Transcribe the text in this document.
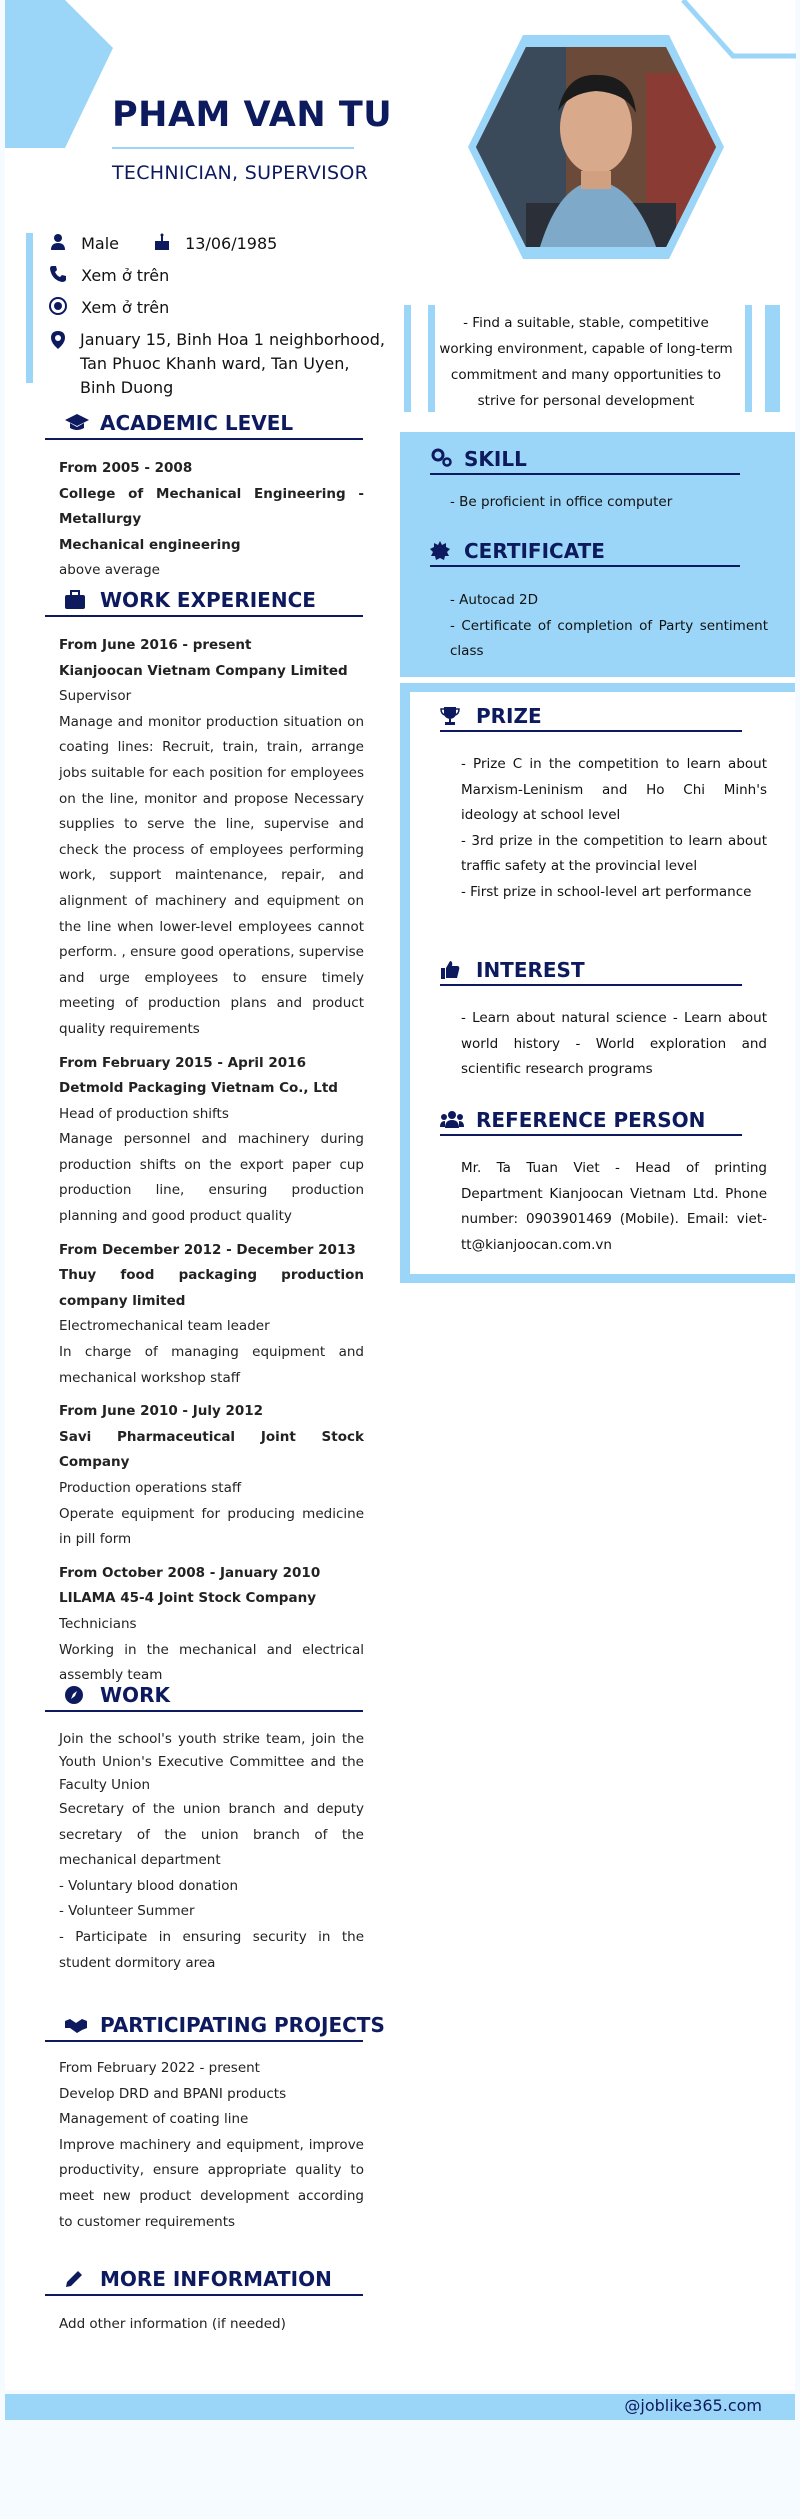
PHAM VAN TU
TECHNICIAN, SUPERVISOR
Male	13/06/1985
Xem ở trên
Xem ở trên
January 15, Binh Hoa 1 neighborhood, Tan Phuoc Khanh ward, Tan Uyen, Binh Duong
- Find a suitable, stable, competitive working environment, capable of long-term commitment and many opportunities to strive for personal development
ACADEMIC LEVEL

From 2005 - 2008

College of Mechanical Engineering - Metallurgy

Mechanical engineering

above average

WORK EXPERIENCE

From June 2016 - present

Kianjoocan Vietnam Company Limited

Supervisor

Manage and monitor production situation on coating lines: Recruit, train, train, arrange jobs suitable for each position for employees on the line, monitor and propose Necessary supplies to serve the line, supervise and check the process of employees performing work, support maintenance, repair, and alignment of machinery and equipment on the line when lower-level employees cannot perform. , ensure good operations, supervise and urge employees to ensure timely meeting of production plans and product quality requirements

From February 2015 - April 2016

Detmold Packaging Vietnam Co., Ltd

Head of production shifts

Manage personnel and machinery during production shifts on the export paper cup production line, ensuring production planning and good product quality

From December 2012 - December 2013

Thuy food packaging production company limited

Electromechanical team leader

In charge of managing equipment and mechanical workshop staff

From June 2010 - July 2012

Savi Pharmaceutical Joint Stock Company

Production operations staff

Operate equipment for producing medicine in pill form

From October 2008 - January 2010

LILAMA 45-4 Joint Stock Company

Technicians

Working in the mechanical and electrical assembly team

WORK

Join the school's youth strike team, join the Youth Union's Executive Committee and the Faculty Union

Secretary of the union branch and deputy secretary of the union branch of the mechanical department

- Voluntary blood donation

- Volunteer Summer

- Participate in ensuring security in the student dormitory area

PARTICIPATING PROJECTS

From February 2022 - present

Develop DRD and BPANI products

Management of coating line

Improve machinery and equipment, improve productivity, ensure appropriate quality to meet new product development according to customer requirements

MORE INFORMATION
Add other information (if needed)
SKILL
- Be proficient in office computer
CERTIFICATE

- Autocad 2D

- Certificate of completion of Party sentiment class

PRIZE

- Prize C in the competition to learn about Marxism-Leninism and Ho Chi Minh's ideology at school level

- 3rd prize in the competition to learn about traffic safety at the provincial level

- First prize in school-level art performance

INTEREST
- Learn about natural science - Learn about world history - World exploration and scientific research programs
REFERENCE PERSON
Mr. Ta Tuan Viet - Head of printing Department Kianjoocan Vietnam Ltd. Phone number: 0903901469 (Mobile). Email: viet-tt@kianjoocan.com.vn
@joblike365.com
